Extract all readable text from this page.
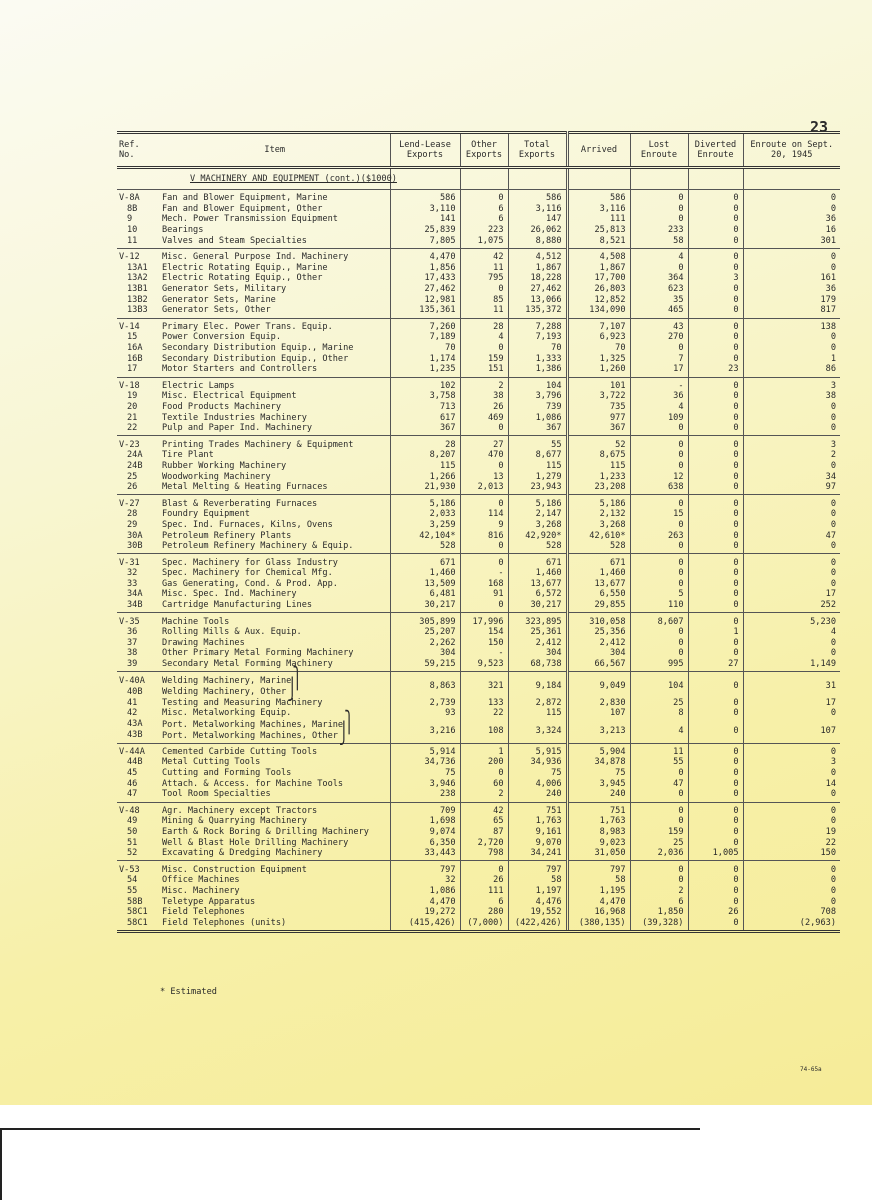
23
Ref. No.	Item	Lend-Lease Exports	Other Exports	Total Exports	Arrived	Lost Enroute	Diverted Enroute	Enroute on Sept. 20, 1945
	V MACHINERY AND EQUIPMENT (cont.)($1000)							
V-8A	Fan and Blower Equipment, Marine	586	0	586	586	0	0	0
8B	Fan and Blower Equipment, Other	3,110	6	3,116	3,116	0	0	0
9	Mech. Power Transmission Equipment	141	6	147	111	0	0	36
10	Bearings	25,839	223	26,062	25,813	233	0	16
11	Valves and Steam Specialties	7,805	1,075	8,880	8,521	58	0	301
V-12	Misc. General Purpose Ind. Machinery	4,470	42	4,512	4,508	4	0	0
13A1	Electric Rotating Equip., Marine	1,856	11	1,867	1,867	0	0	0
13A2	Electric Rotating Equip., Other	17,433	795	18,228	17,700	364	3	161
13B1	Generator Sets, Military	27,462	0	27,462	26,803	623	0	36
13B2	Generator Sets, Marine	12,981	85	13,066	12,852	35	0	179
13B3	Generator Sets, Other	135,361	11	135,372	134,090	465	0	817
V-14	Primary Elec. Power Trans. Equip.	7,260	28	7,288	7,107	43	0	138
15	Power Conversion Equip.	7,189	4	7,193	6,923	270	0	0
16A	Secondary Distribution Equip., Marine	70	0	70	70	0	0	0
16B	Secondary Distribution Equip., Other	1,174	159	1,333	1,325	7	0	1
17	Motor Starters and Controllers	1,235	151	1,386	1,260	17	23	86
V-18	Electric Lamps	102	2	104	101	-	0	3
19	Misc. Electrical Equipment	3,758	38	3,796	3,722	36	0	38
20	Food Products Machinery	713	26	739	735	4	0	0
21	Textile Industries Machinery	617	469	1,086	977	109	0	0
22	Pulp and Paper Ind. Machinery	367	0	367	367	0	0	0
V-23	Printing Trades Machinery & Equipment	28	27	55	52	0	0	3
24A	Tire Plant	8,207	470	8,677	8,675	0	0	2
24B	Rubber Working Machinery	115	0	115	115	0	0	0
25	Woodworking Machinery	1,266	13	1,279	1,233	12	0	34
26	Metal Melting & Heating Furnaces	21,930	2,013	23,943	23,208	638	0	97
V-27	Blast & Reverberating Furnaces	5,186	0	5,186	5,186	0	0	0
28	Foundry Equipment	2,033	114	2,147	2,132	15	0	0
29	Spec. Ind. Furnaces, Kilns, Ovens	3,259	9	3,268	3,268	0	0	0
30A	Petroleum Refinery Plants	42,104*	816	42,920*	42,610*	263	0	47
30B	Petroleum Refinery Machinery & Equip.	528	0	528	528	0	0	0
V-31	Spec. Machinery for Glass Industry	671	0	671	671	0	0	0
32	Spec. Machinery for Chemical Mfg.	1,460	-	1,460	1,460	0	0	0
33	Gas Generating, Cond. & Prod. App.	13,509	168	13,677	13,677	0	0	0
34A	Misc. Spec. Ind. Machinery	6,481	91	6,572	6,550	5	0	17
34B	Cartridge Manufacturing Lines	30,217	0	30,217	29,855	110	0	252
V-35	Machine Tools	305,899	17,996	323,895	310,058	8,607	0	5,230
36	Rolling Mills & Aux. Equip.	25,207	154	25,361	25,356	0	1	4
37	Drawing Machines	2,262	150	2,412	2,412	0	0	0
38	Other Primary Metal Forming Machinery	304	-	304	304	0	0	0
39	Secondary Metal Forming Machinery	59,215	9,523	68,738	66,567	995	27	1,149
V-40A	Welding Machinery, Marine ⎫	8,863	321	9,184	9,049	104	0	31
40B	Welding Machinery, Other ⎭							
41	Testing and Measuring Machinery	2,739	133	2,872	2,830	25	0	17
42	Misc. Metalworking Equip.	93	22	115	107	8	0	0
43A	Port. Metalworking Machines, Marine ⎫	3,216	108	3,324	3,213	4	0	107
43B	Port. Metalworking Machines, Other ⎭							
V-44A	Cemented Carbide Cutting Tools	5,914	1	5,915	5,904	11	0	0
44B	Metal Cutting Tools	34,736	200	34,936	34,878	55	0	3
45	Cutting and Forming Tools	75	0	75	75	0	0	0
46	Attach. & Access. for Machine Tools	3,946	60	4,006	3,945	47	0	14
47	Tool Room Specialties	238	2	240	240	0	0	0
V-48	Agr. Machinery except Tractors	709	42	751	751	0	0	0
49	Mining & Quarrying Machinery	1,698	65	1,763	1,763	0	0	0
50	Earth & Rock Boring & Drilling Machinery	9,074	87	9,161	8,983	159	0	19
51	Well & Blast Hole Drilling Machinery	6,350	2,720	9,070	9,023	25	0	22
52	Excavating & Dredging Machinery	33,443	798	34,241	31,050	2,036	1,005	150
V-53	Misc. Construction Equipment	797	0	797	797	0	0	0
54	Office Machines	32	26	58	58	0	0	0
55	Misc. Machinery	1,086	111	1,197	1,195	2	0	0
58B	Teletype Apparatus	4,470	6	4,476	4,470	6	0	0
58C1	Field Telephones	19,272	280	19,552	16,968	1,850	26	708
58C1	Field Telephones (units)	(415,426)	(7,000)	(422,426)	(380,135)	(39,328)	0	(2,963)
* Estimated
74-65a
